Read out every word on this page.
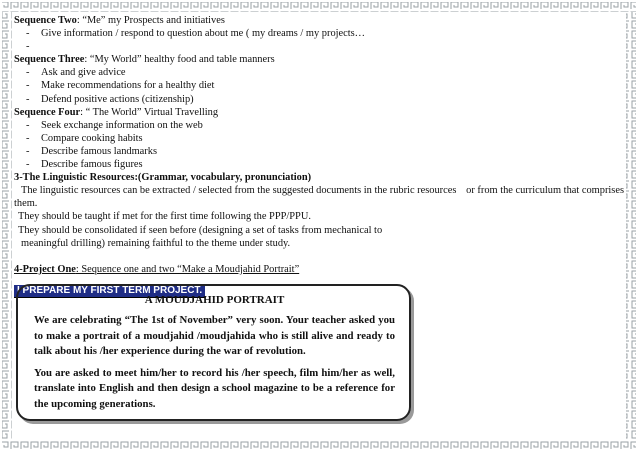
Sequence Two: “Me” my Prospects and initiatives
- Give information / respond to question about me ( my dreams / my projects…
-
Sequence Three: “My World” healthy food and table manners
- Ask and give advice
- Make recommendations for a healthy diet
- Defend positive actions (citizenship)
Sequence Four: “ The World” Virtual Travelling
- Seek exchange information on the web
- Compare cooking habits
- Describe famous landmarks
- Describe famous figures
3-The Linguistic Resources:(Grammar, vocabulary, pronunciation)
The linguistic resources can be extracted / selected from the suggested documents in the rubric resources or from the curriculum that comprises
them.
They should be taught if met for the first time following the PPP/PPU.
They should be consolidated if seen before (designing a set of tasks from mechanical to
meaningful drilling) remaining faithful to the theme under study.
4-Project One: Sequence one and two “Make a Moudjahid Portrait”
I PREPARE MY FIRST TERM PROJECT.
A MOUDJAHID PORTRAIT

We are celebrating “The 1st of November” very soon. Your teacher asked you to make a portrait of a moudjahid /moudjahida who is still alive and ready to talk about his /her experience during the war of revolution.

You are asked to meet him/her to record his /her speech, film him/her as well, translate into English and then design a school magazine to be a reference for the upcoming generations.
